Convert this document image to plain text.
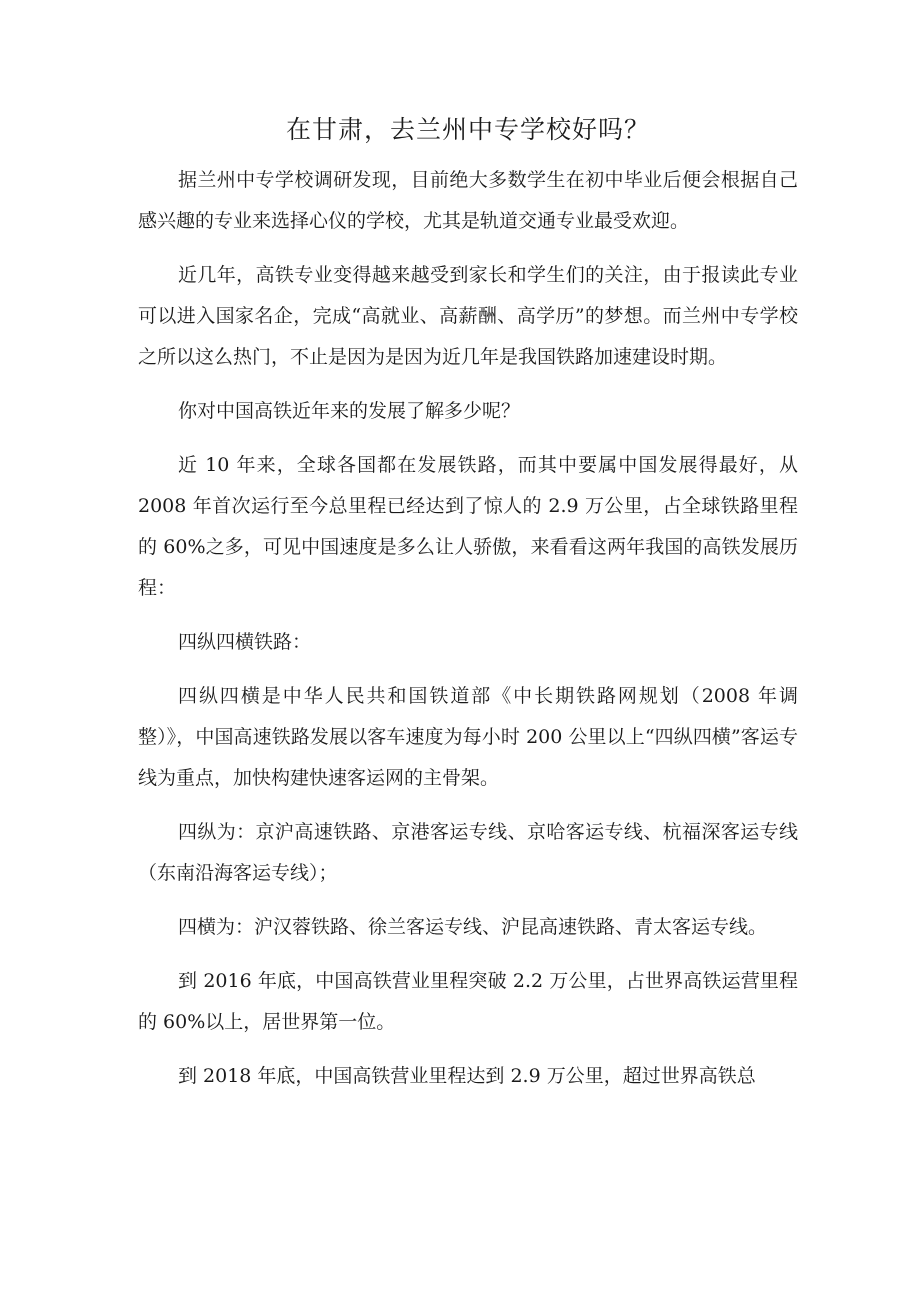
在甘肃，去兰州中专学校好吗？

据兰州中专学校调研发现，目前绝大多数学生在初中毕业后便会根据自己感兴趣的专业来选择心仪的学校，尤其是轨道交通专业最受欢迎。

近几年，高铁专业变得越来越受到家长和学生们的关注，由于报读此专业可以进入国家名企，完成“高就业、高薪酬、高学历”的梦想。而兰州中专学校之所以这么热门，不止是因为是因为近几年是我国铁路加速建设时期。

你对中国高铁近年来的发展了解多少呢？

近 10 年来，全球各国都在发展铁路，而其中要属中国发展得最好，从 2008 年首次运行至今总里程已经达到了惊人的 2.9 万公里，占全球铁路里程的 60%之多，可见中国速度是多么让人骄傲，来看看这两年我国的高铁发展历程：

四纵四横铁路：

四纵四横是中华人民共和国铁道部《中长期铁路网规划（2008 年调整）》，中国高速铁路发展以客车速度为每小时 200 公里以上“四纵四横”客运专线为重点，加快构建快速客运网的主骨架。

四纵为：京沪高速铁路、京港客运专线、京哈客运专线、杭福深客运专线（东南沿海客运专线）；

四横为：沪汉蓉铁路、徐兰客运专线、沪昆高速铁路、青太客运专线。

到 2016 年底，中国高铁营业里程突破 2.2 万公里，占世界高铁运营里程的 60%以上，居世界第一位。

到 2018 年底，中国高铁营业里程达到 2.9 万公里，超过世界高铁总
